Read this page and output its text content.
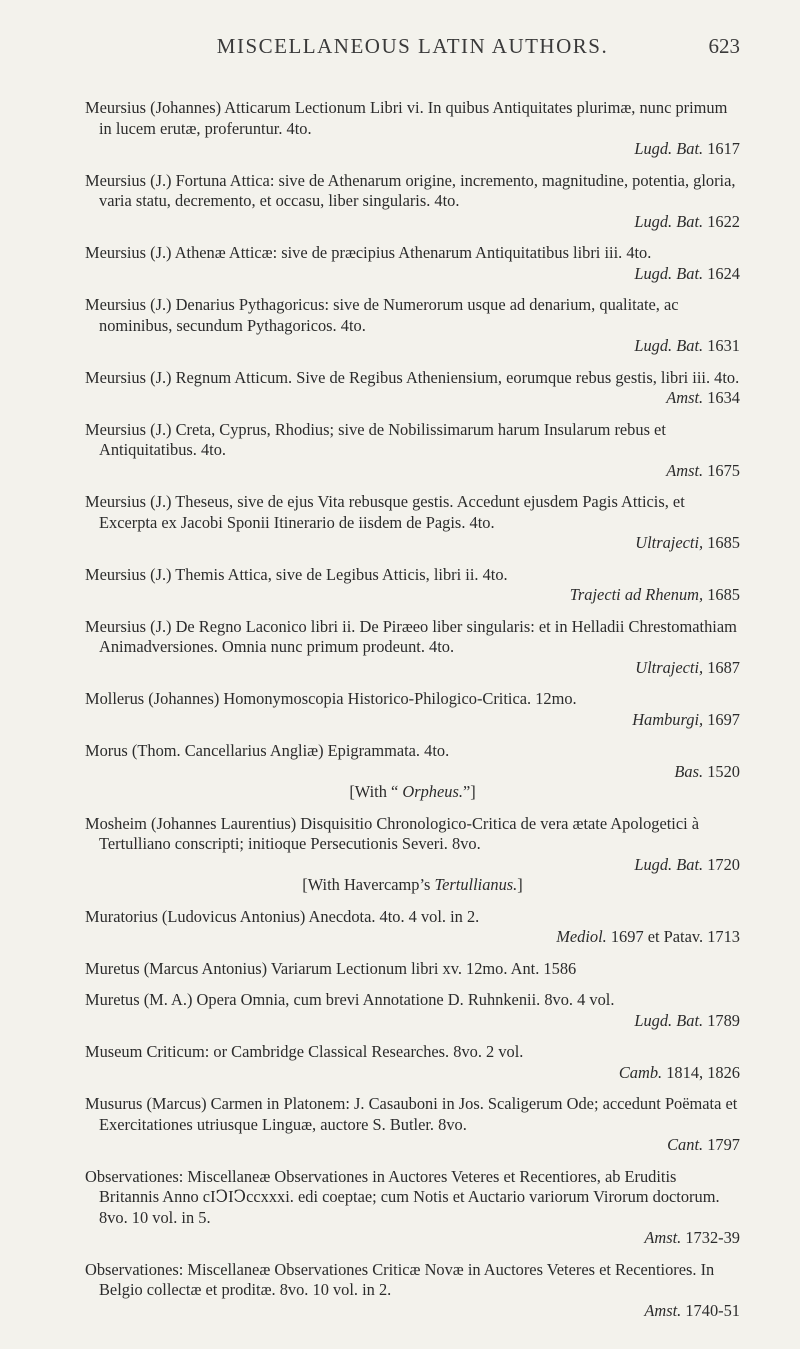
MISCELLANEOUS LATIN AUTHORS.	623
Meursius (Johannes) Atticarum Lectionum Libri vi. In quibus Antiquitates plurimæ, nunc primum in lucem erutæ, proferuntur. 4to.
Lugd. Bat. 1617
Meursius (J.) Fortuna Attica: sive de Athenarum origine, incremento, magnitudine, potentia, gloria, varia statu, decremento, et occasu, liber singularis. 4to.
Lugd. Bat. 1622
Meursius (J.) Athenæ Atticæ: sive de præcipius Athenarum Antiquitatibus libri iii. 4to.
Lugd. Bat. 1624
Meursius (J.) Denarius Pythagoricus: sive de Numerorum usque ad denarium, qualitate, ac nominibus, secundum Pythagoricos. 4to.
Lugd. Bat. 1631
Meursius (J.) Regnum Atticum. Sive de Regibus Atheniensium, eorumque rebus gestis, libri iii. 4to.
Amst. 1634
Meursius (J.) Creta, Cyprus, Rhodius; sive de Nobilissimarum harum Insularum rebus et Antiquitatibus. 4to.
Amst. 1675
Meursius (J.) Theseus, sive de ejus Vita rebusque gestis. Accedunt ejusdem Pagis Atticis, et Excerpta ex Jacobi Sponii Itinerario de iisdem de Pagis. 4to.
Ultrajecti, 1685
Meursius (J.) Themis Attica, sive de Legibus Atticis, libri ii. 4to.
Trajecti ad Rhenum, 1685
Meursius (J.) De Regno Laconico libri ii. De Piræeo liber singularis: et in Helladii Chrestomathiam Animadversiones. Omnia nunc primum prodeunt. 4to.
Ultrajecti, 1687
Mollerus (Johannes) Homonymoscopia Historico-Philogico-Critica. 12mo.
Hamburgi, 1697
Morus (Thom. Cancellarius Angliæ) Epigrammata. 4to.
Bas. 1520
[With “ Orpheus.”]
Mosheim (Johannes Laurentius) Disquisitio Chronologico-Critica de vera ætate Apologetici à Tertulliano conscripti; initioque Persecutionis Severi. 8vo.
Lugd. Bat. 1720
[With Havercamp’s Tertullianus.]
Muratorius (Ludovicus Antonius) Anecdota. 4to. 4 vol. in 2.
Mediol. 1697 et Patav. 1713
Muretus (Marcus Antonius) Variarum Lectionum libri xv. 12mo. Ant. 1586
Muretus (M. A.) Opera Omnia, cum brevi Annotatione D. Ruhnkenii. 8vo. 4 vol.
Lugd. Bat. 1789
Museum Criticum: or Cambridge Classical Researches. 8vo. 2 vol.
Camb. 1814, 1826
Musurus (Marcus) Carmen in Platonem: J. Casauboni in Jos. Scaligerum Ode; accedunt Poëmata et Exercitationes utriusque Linguæ, auctore S. Butler. 8vo.
Cant. 1797
Observationes: Miscellaneæ Observationes in Auctores Veteres et Recentiores, ab Eruditis Britannis Anno cIↃIↃccxxxi. edi coeptae; cum Notis et Auctario variorum Virorum doctorum. 8vo. 10 vol. in 5.
Amst. 1732-39
Observationes: Miscellaneæ Observationes Criticæ Novæ in Auctores Veteres et Recentiores. In Belgio collectæ et proditæ. 8vo. 10 vol. in 2.
Amst. 1740-51
